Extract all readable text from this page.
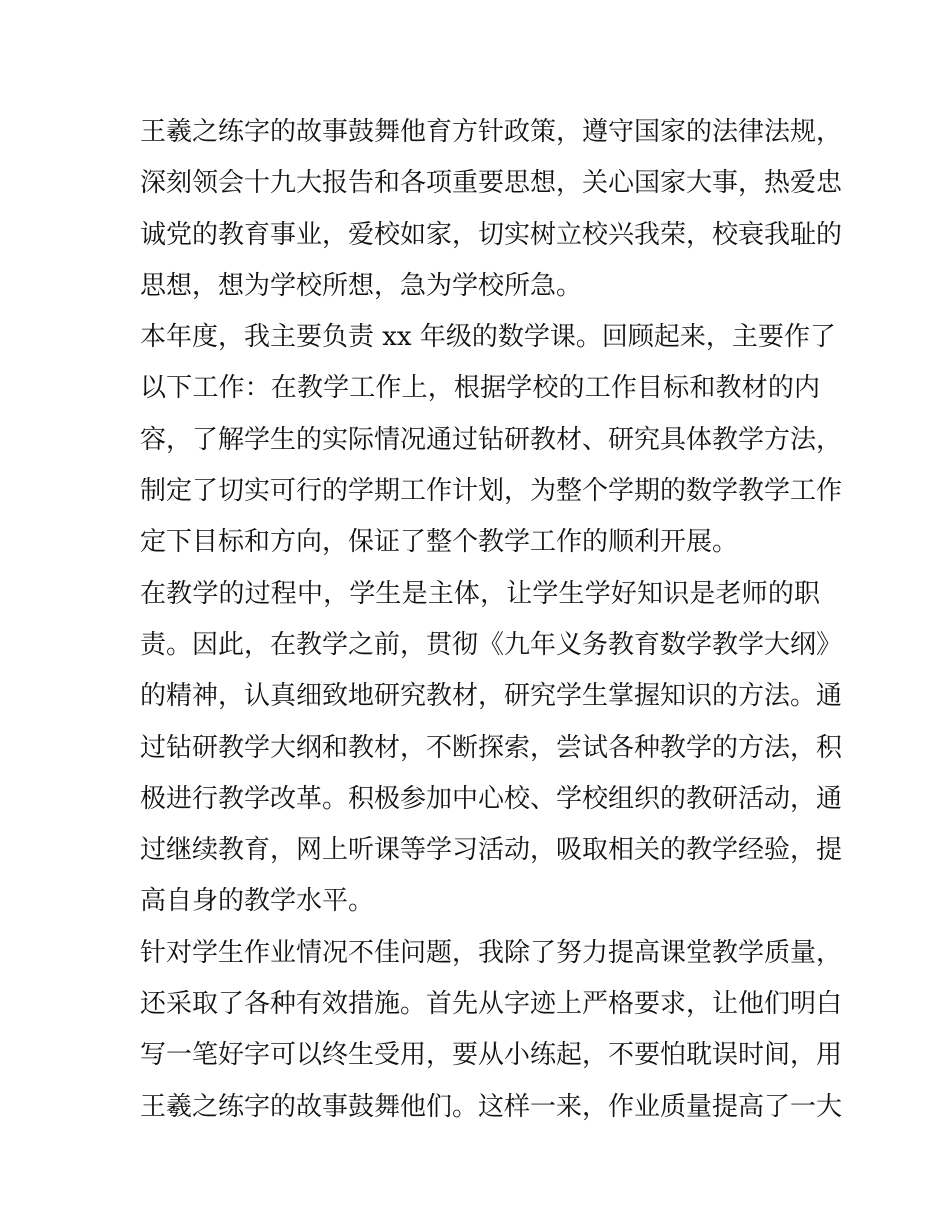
王羲之练字的故事鼓舞他育方针政策，遵守国家的法律法规，
深刻领会十九大报告和各项重要思想，关心国家大事，热爱忠
诚党的教育事业，爱校如家，切实树立校兴我荣，校衰我耻的
思想，想为学校所想，急为学校所急。
本年度，我主要负责 xx 年级的数学课。回顾起来，主要作了
以下工作：在教学工作上，根据学校的工作目标和教材的内
容，了解学生的实际情况通过钻研教材、研究具体教学方法，
制定了切实可行的学期工作计划，为整个学期的数学教学工作
定下目标和方向，保证了整个教学工作的顺利开展。
在教学的过程中，学生是主体，让学生学好知识是老师的职
责。因此，在教学之前，贯彻《九年义务教育数学教学大纲》
的精神，认真细致地研究教材，研究学生掌握知识的方法。通
过钻研教学大纲和教材，不断探索，尝试各种教学的方法，积
极进行教学改革。积极参加中心校、学校组织的教研活动，通
过继续教育，网上听课等学习活动，吸取相关的教学经验，提
高自身的教学水平。
针对学生作业情况不佳问题，我除了努力提高课堂教学质量，
还采取了各种有效措施。首先从字迹上严格要求，让他们明白
写一笔好字可以终生受用，要从小练起，不要怕耽误时间，用
王羲之练字的故事鼓舞他们。这样一来，作业质量提高了一大
